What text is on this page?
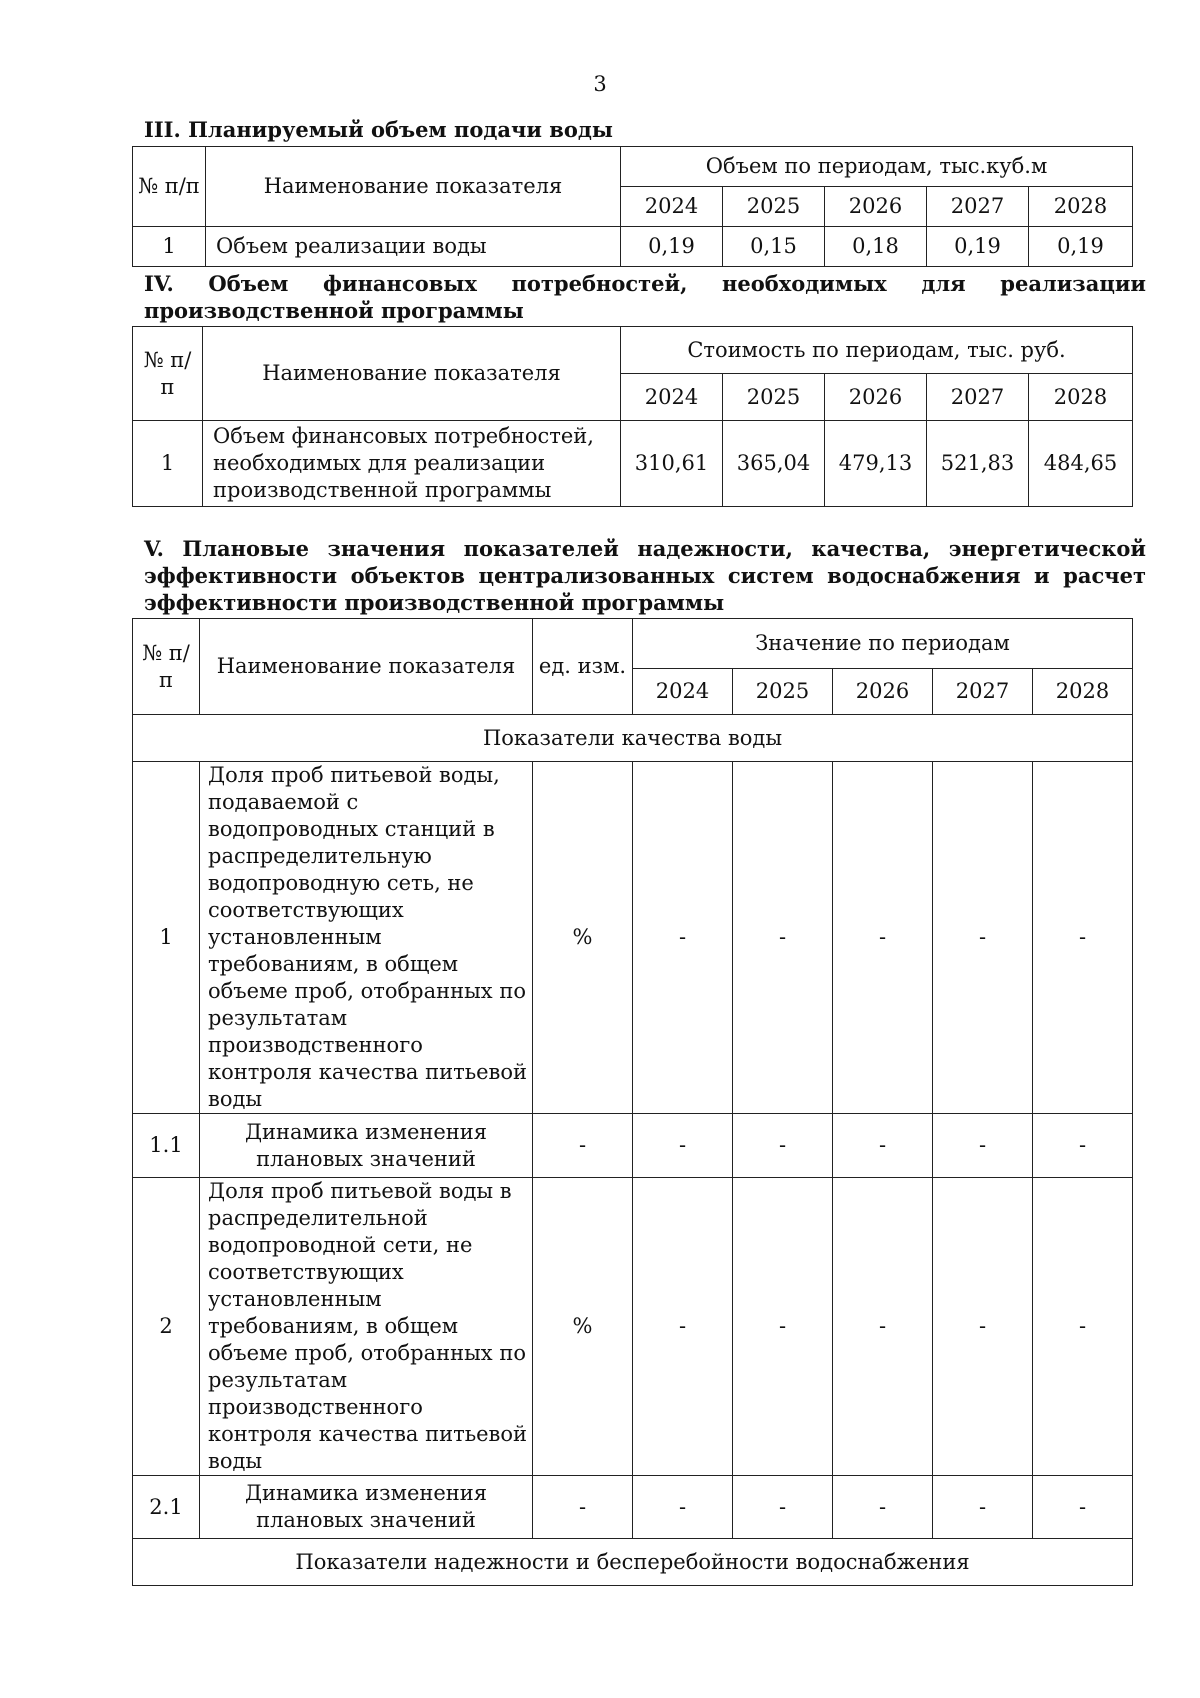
3
III. Планируемый объем подачи воды
№ п/п	Наименование показателя	Объем по периодам, тыс.куб.м				
		2024	2025	2026	2027	2028
1	Объем реализации воды	0,19	0,15	0,18	0,19	0,19
IV. Объем финансовых потребностей, необходимых для реализации производственной программы
№ п/п	Наименование показателя	Стоимость по периодам, тыс. руб.				
		2024	2025	2026	2027	2028
1	Объем финансовых потребностей, необходимых для реализации производственной программы	310,61	365,04	479,13	521,83	484,65
V. Плановые значения показателей надежности, качества, энергетической эффективности объектов централизованных систем водоснабжения и расчет эффективности производственной программы
№ п/п	Наименование показателя	ед. изм.	Значение по периодам				
			2024	2025	2026	2027	2028
Показатели качества воды							
1	Доля проб питьевой воды, подаваемой с водопроводных станций в распределительную водопроводную сеть, не соответствующих установленным требованиям, в общем объеме проб, отобранных по результатам производственного контроля качества питьевой воды	%	-	-	-	-	-
1.1	Динамика изменения плановых значений	-	-	-	-	-	-
2	Доля проб питьевой воды в распределительной водопроводной сети, не соответствующих установленным требованиям, в общем объеме проб, отобранных по результатам производственного контроля качества питьевой воды	%	-	-	-	-	-
2.1	Динамика изменения плановых значений	-	-	-	-	-	-
Показатели надежности и бесперебойности водоснабжения							
